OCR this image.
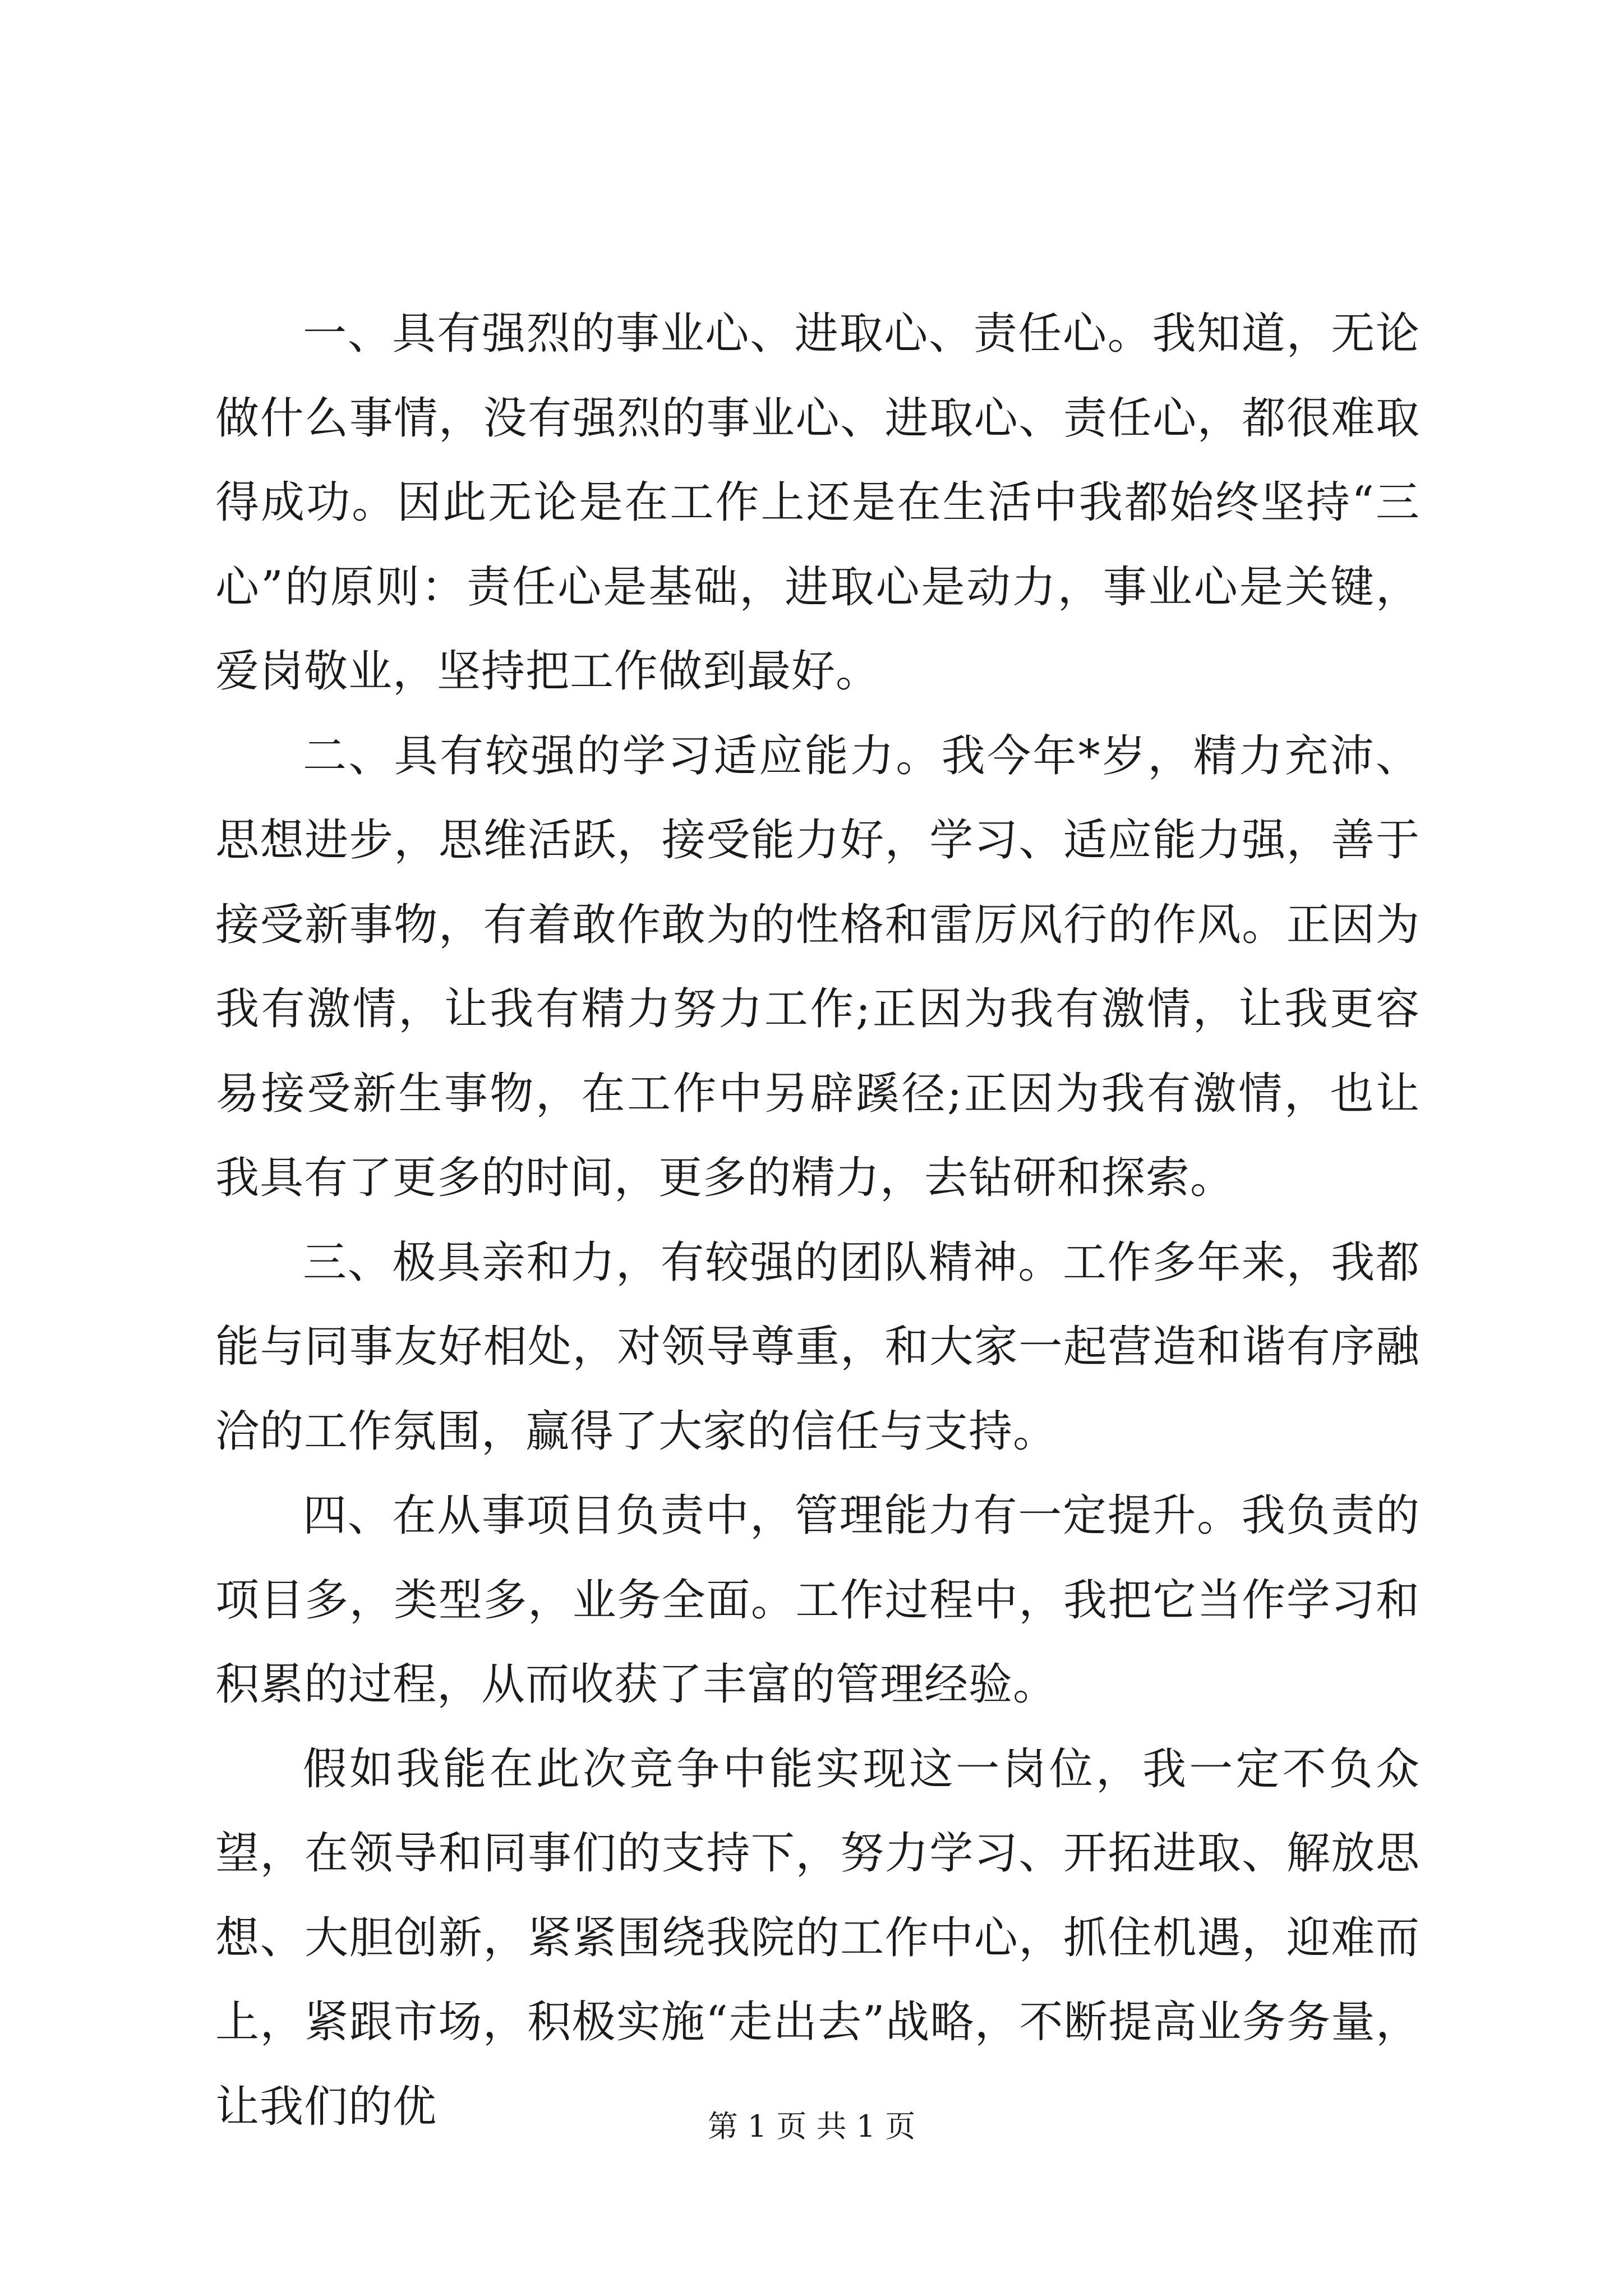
一、具有强烈的事业心、进取心、责任心。我知道，无论做什么事情，没有强烈的事业心、进取心、责任心，都很难取得成功。因此无论是在工作上还是在生活中我都始终坚持“三心”的原则：责任心是基础，进取心是动力，事业心是关键，爱岗敬业，坚持把工作做到最好。

二、具有较强的学习适应能力。我今年*岁，精力充沛、思想进步，思维活跃，接受能力好，学习、适应能力强，善于接受新事物，有着敢作敢为的性格和雷厉风行的作风。正因为我有激情，让我有精力努力工作;正因为我有激情，让我更容易接受新生事物，在工作中另辟蹊径;正因为我有激情，也让我具有了更多的时间，更多的精力，去钻研和探索。

三、极具亲和力，有较强的团队精神。工作多年来，我都能与同事友好相处，对领导尊重，和大家一起营造和谐有序融洽的工作氛围，赢得了大家的信任与支持。

四、在从事项目负责中，管理能力有一定提升。我负责的项目多，类型多，业务全面。工作过程中，我把它当作学习和积累的过程，从而收获了丰富的管理经验。

假如我能在此次竞争中能实现这一岗位，我一定不负众望，在领导和同事们的支持下，努力学习、开拓进取、解放思想、大胆创新，紧紧围绕我院的工作中心，抓住机遇，迎难而上，紧跟市场，积极实施“走出去”战略，不断提高业务务量，让我们的优	第 1 页 共 1 页
